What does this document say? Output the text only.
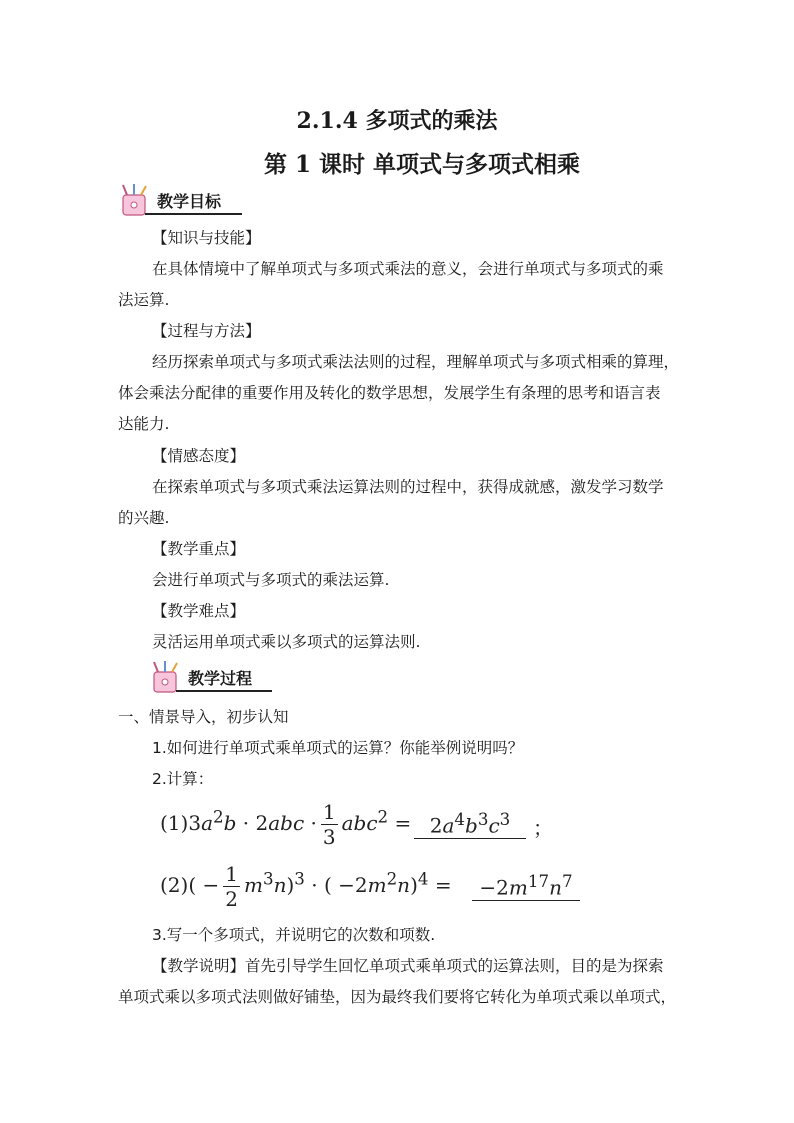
2.1.4 多项式的乘法
第 1 课时 单项式与多项式相乘
教学目标
【知识与技能】
在具体情境中了解单项式与多项式乘法的意义，会进行单项式与多项式的乘
法运算.
【过程与方法】
经历探索单项式与多项式乘法法则的过程，理解单项式与多项式相乘的算理，
体会乘法分配律的重要作用及转化的数学思想，发展学生有条理的思考和语言表
达能力.
【情感态度】
在探索单项式与多项式乘法运算法则的过程中，获得成就感，激发学习数学
的兴趣.
【教学重点】
会进行单项式与多项式的乘法运算.
【教学难点】
灵活运用单项式乘以多项式的运算法则.
教学过程
一、情景导入，初步认知
1.如何进行单项式乘单项式的运算？你能举例说明吗？
2.计算：
$(1)3a^2b \cdot 2abc \cdot \frac{1}{3} abc^2 = 2a^4b^3c^3$	；
$(2)( - \frac{1}{2} m^3n)^3$ · ( $-2m^2n)^4$ =	$-2m^{17}n^7$
3.写一个多项式，并说明它的次数和项数.
【教学说明】首先引导学生回忆单项式乘单项式的运算法则，目的是为探索
单项式乘以多项式法则做好铺垫，因为最终我们要将它转化为单项式乘以单项式，
